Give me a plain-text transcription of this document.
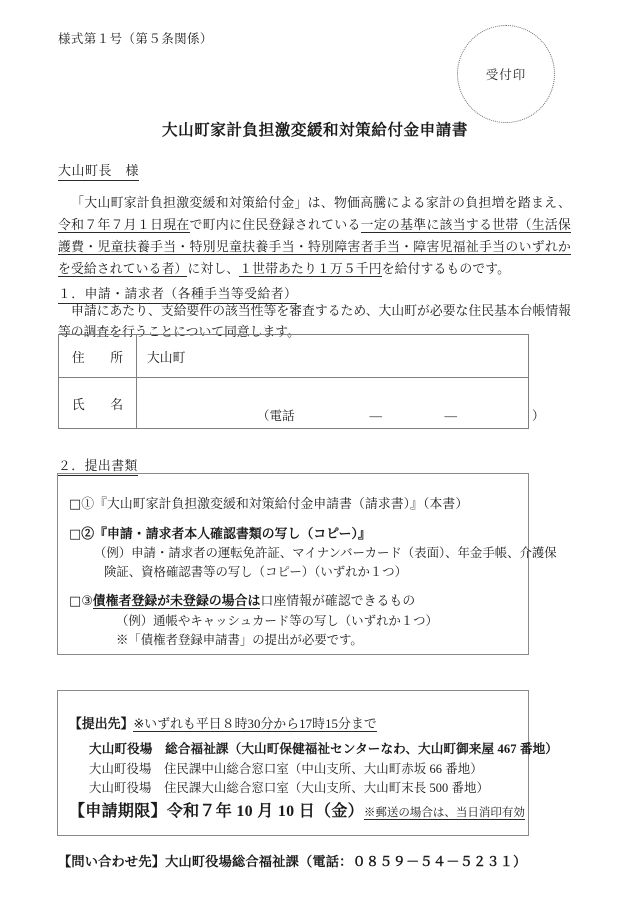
様式第１号（第５条関係）
受付印
大山町家計負担激変緩和対策給付金申請書
大山町長　様
「大山町家計負担激変緩和対策給付金」は、物価高騰による家計の負担増を踏まえ、令和７年７月１日現在で町内に住民登録されている一定の基準に該当する世帯（生活保護費・児童扶養手当・特別児童扶養手当・特別障害者手当・障害児福祉手当のいずれかを受給されている者）に対し、１世帯あたり１万５千円を給付するものです。
１．申請・請求者（各種手当等受給者）
申請にあたり、支給要件の該当性等を審査するため、大山町が必要な住民基本台帳情報等の調査を行うことについて同意します。
住　　所	大山町

氏　　名	（電話　　　　　　—　　　　　—　　　　　　）
２．提出書類
□①『大山町家計負担激変緩和対策給付金申請書（請求書）』（本書）
□②『申請・請求者本人確認書類の写し（コピー）』
（例）申請・請求者の運転免許証、マイナンバーカード（表面）、年金手帳、介護保
険証、資格確認書等の写し（コピー）（いずれか１つ）
□③債権者登録が未登録の場合は口座情報が確認できるもの
（例）通帳やキャッシュカード等の写し（いずれか１つ）
※「債権者登録申請書」の提出が必要です。
【提出先】※いずれも平日８時30分から17時15分まで
大山町役場　総合福祉課（大山町保健福祉センターなわ、大山町御来屋 467 番地）
大山町役場　住民課中山総合窓口室（中山支所、大山町赤坂 66 番地）
大山町役場　住民課大山総合窓口室（大山支所、大山町末長 500 番地）
【申請期限】令和７年 10 月 10 日（金）※郵送の場合は、当日消印有効
【問い合わせ先】大山町役場総合福祉課（電話：０８５９－５４－５２３１）
